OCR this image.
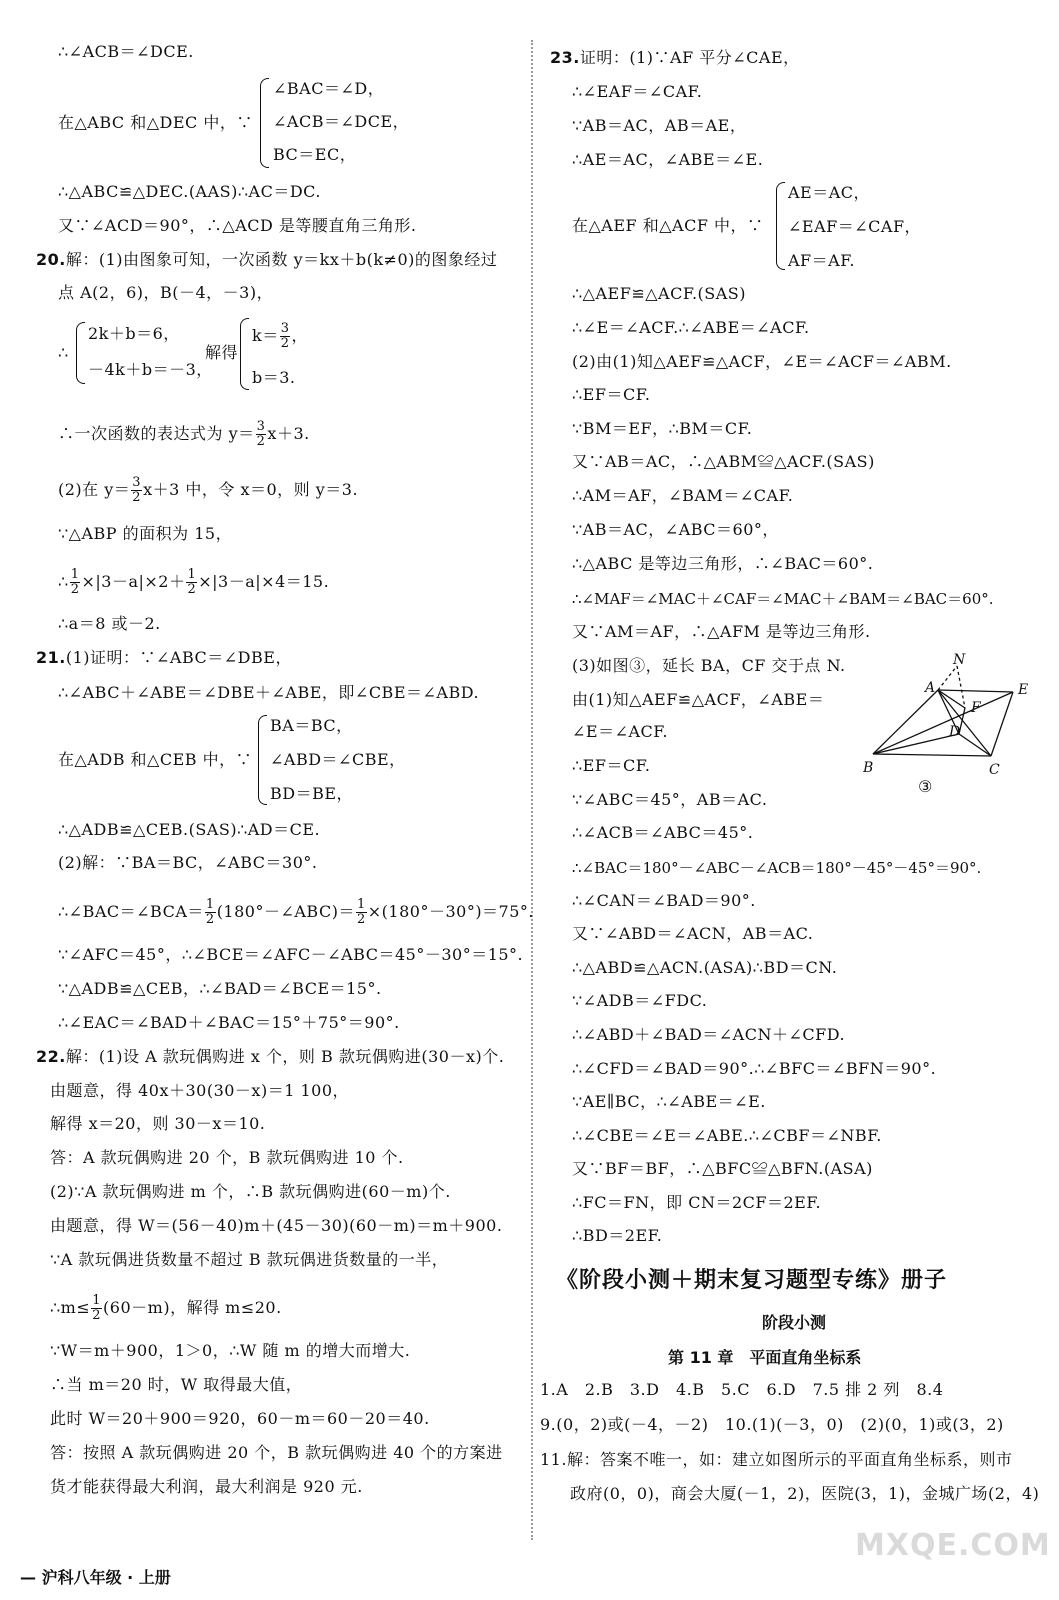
∴∠ACB＝∠DCE.
在△ABC 和△DEC 中，∵
∠BAC＝∠D，
∠ACB＝∠DCE，
BC＝EC，
∴△ABC≌△DEC.(AAS)∴AC＝DC.
又∵∠ACD＝90°，∴△ACD 是等腰直角三角形.
20.解：(1)由图象可知，一次函数 y＝kx＋b(k≠0)的图象经过
点 A(2，6)，B(－4，－3)，
∴
2k＋b＝6，
－4k＋b＝－3，
解得
$k= \frac{3}{2}$ ，
b＝3.
∴一次函数的表达式为 $y= \frac{3}{2} x+3$.
(2)在 $y= \frac{3}{2} x+3$ 中，令 x＝0，则 y＝3.
∵△ABP 的面积为 15，
∴ $\frac{1}{2} \times|3-a|\times 2+ \frac{1}{2} \times|3-a|\times 4=15$.
∴a＝8 或－2.
21.(1)证明：∵∠ABC＝∠DBE，
∴∠ABC＋∠ABE＝∠DBE＋∠ABE，即∠CBE＝∠ABD.
在△ADB 和△CEB 中，∵
BA＝BC，
∠ABD＝∠CBE，
BD＝BE，
∴△ADB≌△CEB.(SAS)∴AD＝CE.
(2)解：∵BA＝BC，∠ABC＝30°.
∴∠BAC＝∠BCA＝ $\frac{1}{2}$ (180°－∠ABC)＝ $\frac{1}{2} \times(180^\circ-30^\circ)=75^\circ$.
∵∠AFC＝45°，∴∠BCE＝∠AFC－∠ABC＝45°－30°＝15°.
∵△ADB≌△CEB，∴∠BAD＝∠BCE＝15°.
∴∠EAC＝∠BAD＋∠BAC＝15°＋75°＝90°.
22.解：(1)设 A 款玩偶购进 x 个，则 B 款玩偶购进(30－x)个.
由题意，得 40x＋30(30－x)＝1 100，
解得 x＝20，则 30－x＝10.
答：A 款玩偶购进 20 个，B 款玩偶购进 10 个.
(2)∵A 款玩偶购进 m 个，∴B 款玩偶购进(60－m)个.
由题意，得 W＝(56－40)m＋(45－30)(60－m)＝m＋900.
∵A 款玩偶进货数量不超过 B 款玩偶进货数量的一半，
∴m≤ $\frac{1}{2} (60-m)$，解得 m≤20.
∵W＝m＋900，1＞0，∴W 随 m 的增大而增大.
∴当 m＝20 时，W 取得最大值，
此时 W＝20＋900＝920，60－m＝60－20＝40.
答：按照 A 款玩偶购进 20 个，B 款玩偶购进 40 个的方案进
货才能获得最大利润，最大利润是 920 元.
23.证明：(1)∵AF 平分∠CAE，
∴∠EAF＝∠CAF.
∵AB＝AC，AB＝AE，
∴AE＝AC，∠ABE＝∠E.
在△AEF 和△ACF 中，∵
AE＝AC，
∠EAF＝∠CAF，
AF＝AF.
∴△AEF≌△ACF.(SAS)
∴∠E＝∠ACF.∴∠ABE＝∠ACF.
(2)由(1)知△AEF≌△ACF，∠E＝∠ACF＝∠ABM.
∴EF＝CF.
∵BM＝EF，∴BM＝CF.
又∵AB＝AC，∴△ABM≌△ACF.(SAS)
∴AM＝AF，∠BAM＝∠CAF.
∵AB＝AC，∠ABC＝60°，
∴△ABC 是等边三角形，∴∠BAC＝60°.
∴∠MAF＝∠MAC＋∠CAF＝∠MAC＋∠BAM＝∠BAC＝60°.
又∵AM＝AF，∴△AFM 是等边三角形.
(3)如图③，延长 BA，CF 交于点 N.
由(1)知△AEF≌△ACF，∠ABE＝
∠E＝∠ACF.
∴EF＝CF.
∵∠ABC＝45°，AB＝AC.
∴∠ACB＝∠ABC＝45°.
∴∠BAC＝180°－∠ABC－∠ACB＝180°－45°－45°＝90°.
∴∠CAN＝∠BAD＝90°.
又∵∠ABD＝∠ACN，AB＝AC.
∴△ABD≌△ACN.(ASA)∴BD＝CN.
∵∠ADB＝∠FDC.
∴∠ABD＋∠BAD＝∠ACN＋∠CFD.
∴∠CFD＝∠BAD＝90°.∴∠BFC＝∠BFN＝90°.
∵AE∥BC，∴∠ABE＝∠E.
∴∠CBE＝∠E＝∠ABE.∴∠CBF＝∠NBF.
又∵BF＝BF，∴△BFC≌△BFN.(ASA)
∴FC＝FN，即 CN＝2CF＝2EF.
∴BD＝2EF.
N
A	E
F
D
B	C
③
《阶段小测＋期末复习题型专练》册子
阶段小测
第 11 章　平面直角坐标系
1.A　2.B　3.D　4.B　5.C　6.D　7.5 排 2 列　8.4
9.(0，2)或(－4，－2)　10.(1)(－3，0)　(2)(0，1)或(3，2)
11.解：答案不唯一，如：建立如图所示的平面直角坐标系，则市
政府(0，0)，商会大厦(－1，2)，医院(3，1)，金城广场(2，4)
— 沪科八年级 · 上册
MXQE.COM
